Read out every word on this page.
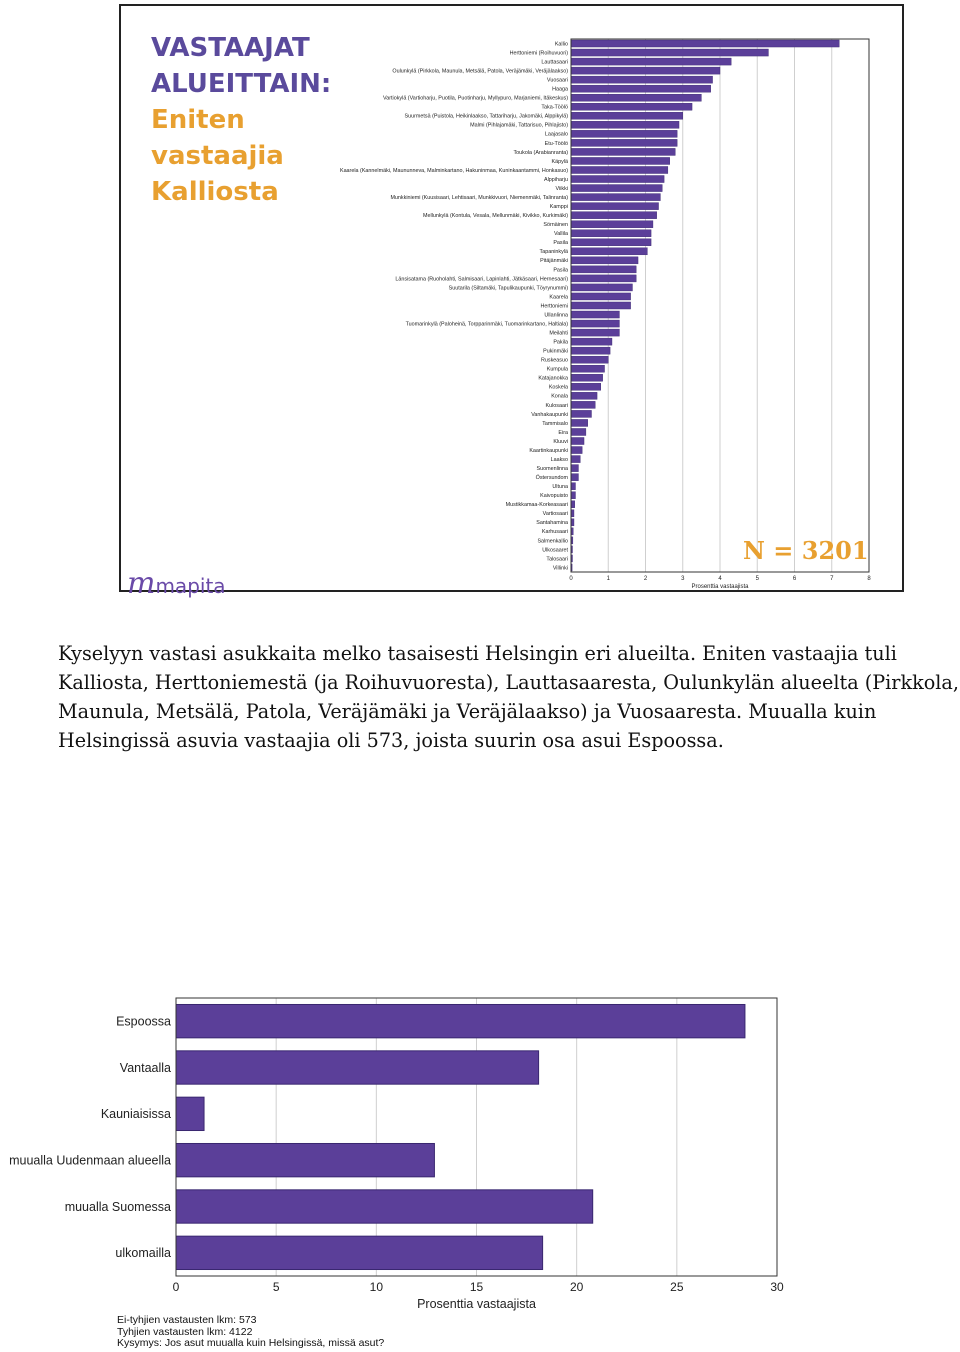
0	1	2	3	4	5	6	7	8
Kallio
Herttoniemi (Roihuvuori)
Lauttasaari
Oulunkylä (Pirkkola, Maunula, Metsälä, Patola, Veräjämäki, Veräjälaakso)
Vuosaari
Haaga
Vartiokylä (Vartioharju, Puotila, Puotinharju, Myllypuro, Marjaniemi, Itäkeskus)
Taka-Töölö
Suurmetsä (Puistola, Heikinlaakso, Tattariharju, Jakomäki, Alppikylä)
Malmi (Pihlajamäki, Tattarisuo, Pihlajisto)
Laajasalo
Etu-Töölö
Toukola (Arabianranta)
Käpylä
Kaarela (Kannelmäki, Maununneva, Malminkartano, Hakuninmaa, Kuninkaantammi, Honkasuo)
Alppiharju
Viikki
Munkkiniemi (Kuusisaari, Lehtisaari, Munkkivuori, Niemenmäki, Talinranta)
Kamppi
Mellunkylä (Kontula, Vesala, Mellunmäki, Kivikko, Kurkimäki)
Sörnäinen
Vallila
Pasila
Tapaninkylä
Pitäjänmäki
Pasila
Länsisatama (Ruoholahti, Salmisaari, Lapinlahti, Jätkäsaari, Hernesaari)
Suutarila (Siltamäki, Tapulikaupunki, Töyrynummi)
Kaarela
Herttoniemi
Ullanlinna
Tuomarinkylä (Paloheinä, Torpparinmäki, Tuomarinkartano, Haltiala)
Meilahti
Pakila
Pukinmäki
Ruskeasuo
Kumpula
Katajanokka
Koskela
Konala
Kulosaari
Vanhakaupunki
Tammisalo
Eira
Kluuvi
Kaartinkaupunki
Laakso
Suomenlinna
Östersundom
Ultuna
Kaivopuisto
Mustikkamaa-Korkeasaari
Vartiosaari
Santahamina
Karhusaari
Salmenkallio
Ulkosaaret
Talosaari
Villinki
Prosenttia vastaajista
VASTAAJAT
ALUEITTAIN:
Eniten
vastaajia
Kalliosta
N = 3201
mmapita

Kyselyyn vastasi asukkaita melko tasaisesti Helsingin eri alueilta. Eniten vastaajia tuli Kalliosta, Herttoniemestä (ja Roihuvuoresta), Lauttasaaresta, Oulunkylän alueelta (Pirkkola, Maunula, Metsälä, Patola, Veräjämäki ja Veräjälaakso) ja Vuosaaresta. Muualla kuin Helsingissä asuvia vastaajia oli 573, joista suurin osa asui Espoossa.

0	5	10	15	20	25	30
Espoossa
Vantaalla
Kauniaisissa
muualla Uudenmaan alueella
muualla Suomessa
ulkomailla
Prosenttia vastaajista
Ei-tyhjien vastausten lkm: 573
Tyhjien vastausten lkm: 4122
Kysymys: Jos asut muualla kuin Helsingissä, missä asut?
